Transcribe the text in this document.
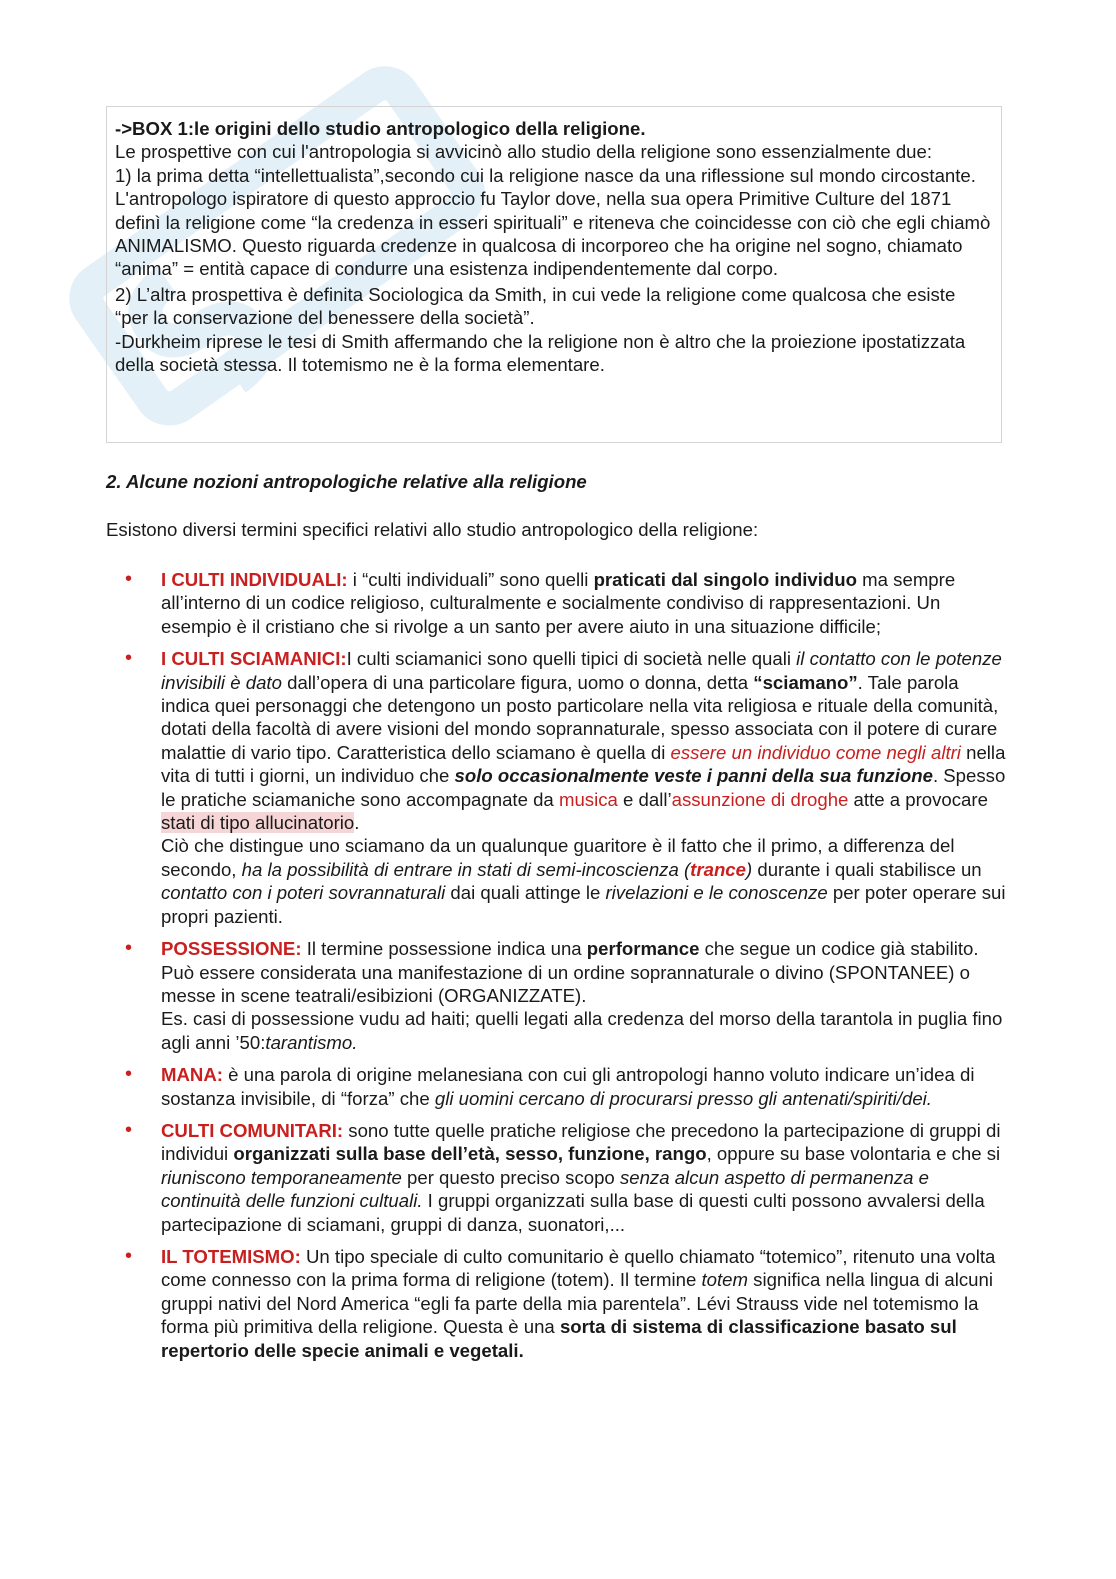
->BOX 1:le origini dello studio antropologico della religione.

Le prospettive con cui l'antropologia si avvicinò allo studio della religione sono essenzialmente due:

1) la prima detta “intellettualista”,secondo cui la religione nasce da una riflessione sul mondo circostante. L'antropologo ispiratore di questo approccio fu Taylor dove, nella sua opera Primitive Culture del 1871 definì la religione come “la credenza in esseri spirituali” e riteneva che coincidesse con ciò che egli chiamò ANIMALISMO. Questo riguarda credenze in qualcosa di incorporeo che ha origine nel sogno, chiamato “anima” = entità capace di condurre una esistenza indipendentemente dal corpo.

2) L’altra prospettiva è definita Sociologica da Smith, in cui vede la religione come qualcosa che esiste “per la conservazione del benessere della società”.

-Durkheim riprese le tesi di Smith affermando che la religione non è altro che la proiezione ipostatizzata della società stessa. Il totemismo ne è la forma elementare.

2. Alcune nozioni antropologiche relative alla religione

Esistono diversi termini specifici relativi allo studio antropologico della religione:

• I CULTI INDIVIDUALI: i “culti individuali” sono quelli praticati dal singolo individuo ma sempre all’interno di un codice religioso, culturalmente e socialmente condiviso di rappresentazioni. Un esempio è il cristiano che si rivolge a un santo per avere aiuto in una situazione difficile;
• I CULTI SCIAMANICI:I culti sciamanici sono quelli tipici di società nelle quali il contatto con le potenze invisibili è dato dall’opera di una particolare figura, uomo o donna, detta “sciamano”. Tale parola indica quei personaggi che detengono un posto particolare nella vita religiosa e rituale della comunità, dotati della facoltà di avere visioni del mondo soprannaturale, spesso associata con il potere di curare malattie di vario tipo. Caratteristica dello sciamano è quella di essere un individuo come negli altri nella vita di tutti i giorni, un individuo che solo occasionalmente veste i panni della sua funzione. Spesso le pratiche sciamaniche sono accompagnate da musica e dall’assunzione di droghe atte a provocare stati di tipo allucinatorio.
Ciò che distingue uno sciamano da un qualunque guaritore è il fatto che il primo, a differenza del secondo, ha la possibilità di entrare in stati di semi-incoscienza (trance) durante i quali stabilisce un contatto con i poteri sovrannaturali dai quali attinge le rivelazioni e le conoscenze per poter operare sui propri pazienti.
• POSSESSIONE: Il termine possessione indica una performance che segue un codice già stabilito. Può essere considerata una manifestazione di un ordine soprannaturale o divino (SPONTANEE) o messe in scene teatrali/esibizioni (ORGANIZZATE).
Es. casi di possessione vudu ad haiti; quelli legati alla credenza del morso della tarantola in puglia fino agli anni ’50:tarantismo.
• MANA: è una parola di origine melanesiana con cui gli antropologi hanno voluto indicare un’idea di sostanza invisibile, di “forza” che gli uomini cercano di procurarsi presso gli antenati/spiriti/dei.
• CULTI COMUNITARI: sono tutte quelle pratiche religiose che precedono la partecipazione di gruppi di individui organizzati sulla base dell’età, sesso, funzione, rango, oppure su base volontaria e che si riuniscono temporaneamente per questo preciso scopo senza alcun aspetto di permanenza e continuità delle funzioni cultuali. I gruppi organizzati sulla base di questi culti possono avvalersi della partecipazione di sciamani, gruppi di danza, suonatori,...
• IL TOTEMISMO: Un tipo speciale di culto comunitario è quello chiamato “totemico”, ritenuto una volta come connesso con la prima forma di religione (totem). Il termine totem significa nella lingua di alcuni gruppi nativi del Nord America “egli fa parte della mia parentela”. Lévi Strauss vide nel totemismo la forma più primitiva della religione. Questa è una sorta di sistema di classificazione basato sul repertorio delle specie animali e vegetali.
